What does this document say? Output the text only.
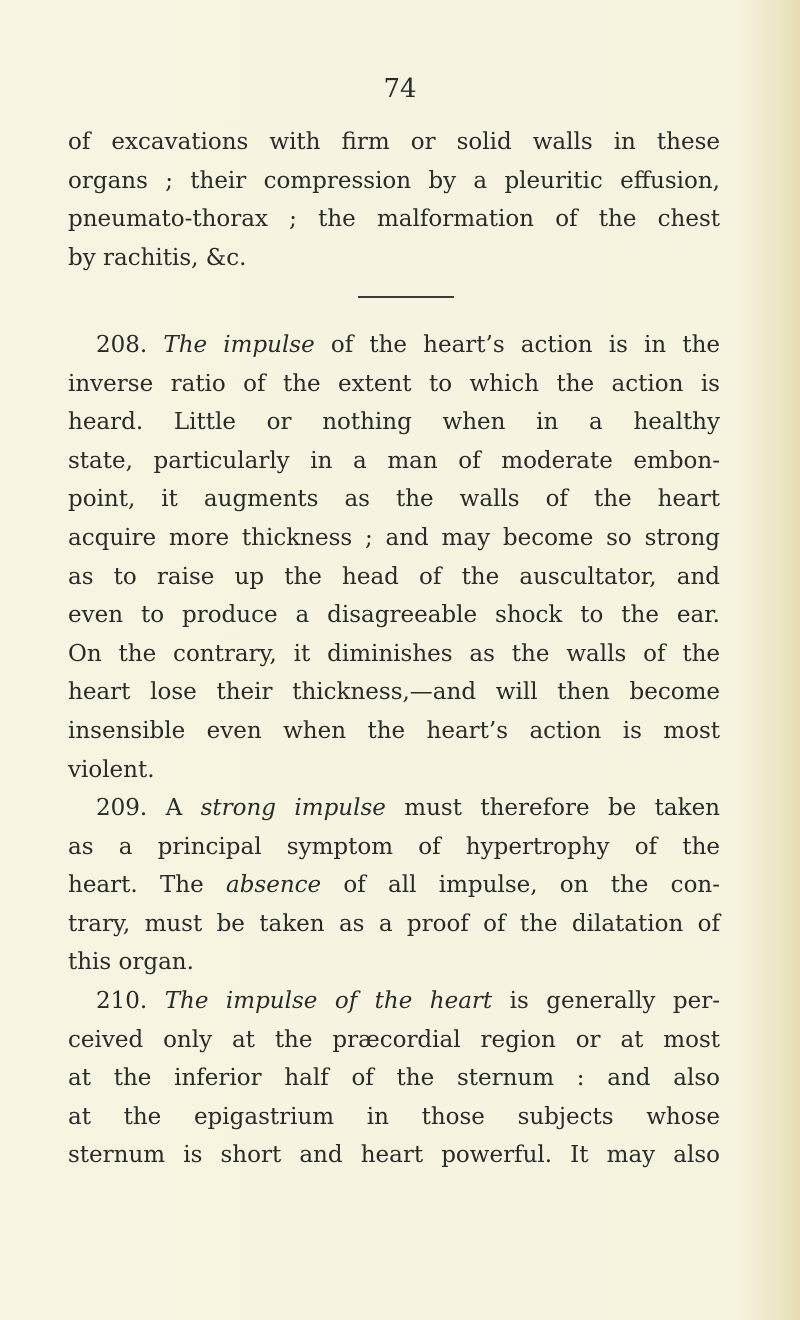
74
of excavations with firm or solid walls in these
organs ; their compression by a pleuritic effusion,
pneumato-thorax ; the malformation of the chest
by rachitis, &c.
208. The impulse of the heart’s action is in the
inverse ratio of the extent to which the action is
heard. Little or nothing when in a healthy
state, particularly in a man of moderate embon-
point, it augments as the walls of the heart
acquire more thickness ; and may become so strong
as to raise up the head of the auscultator, and
even to produce a disagreeable shock to the ear.
On the contrary, it diminishes as the walls of the
heart lose their thickness,—and will then become
insensible even when the heart’s action is most
violent.
209. A strong impulse must therefore be taken
as a principal symptom of hypertrophy of the
heart. The absence of all impulse, on the con-
trary, must be taken as a proof of the dilatation of
this organ.
210. The impulse of the heart is generally per-
ceived only at the præcordial region or at most
at the inferior half of the sternum : and also
at the epigastrium in those subjects whose
sternum is short and heart powerful. It may also
